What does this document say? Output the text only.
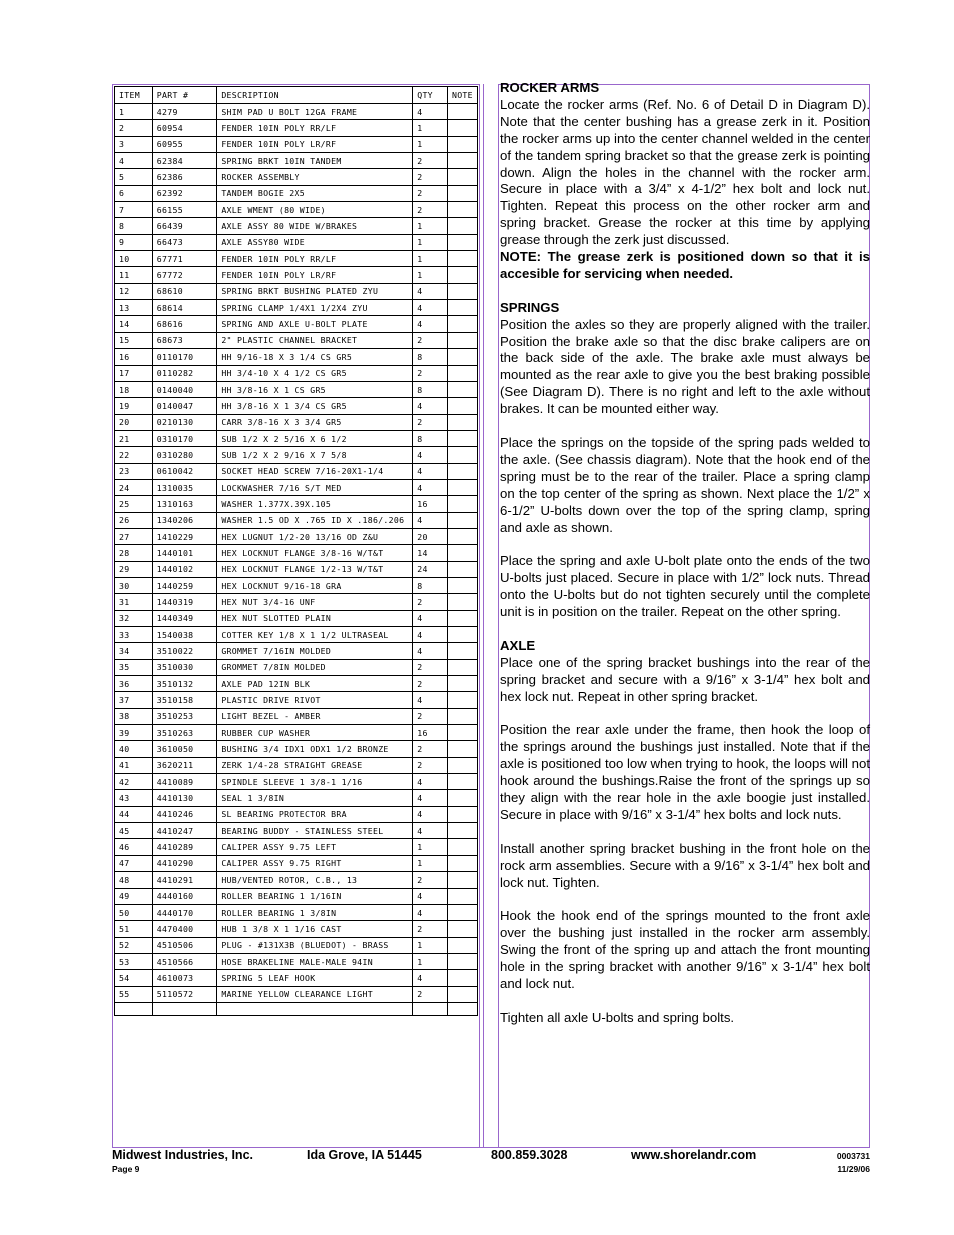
ITEM	PART #	DESCRIPTION	QTY	NOTE
1	4279	SHIM PAD U BOLT 12GA FRAME	4	
2	60954	FENDER 10IN POLY RR/LF	1	
3	60955	FENDER 10IN POLY LR/RF	1	
4	62384	SPRING BRKT 10IN TANDEM	2	
5	62386	ROCKER ASSEMBLY	2	
6	62392	TANDEM BOGIE 2X5	2	
7	66155	AXLE WMENT (80 WIDE)	2	
8	66439	AXLE ASSY 80 WIDE W/BRAKES	1	
9	66473	AXLE ASSY80 WIDE	1	
10	67771	FENDER 10IN POLY RR/LF	1	
11	67772	FENDER 10IN POLY LR/RF	1	
12	68610	SPRING BRKT BUSHING PLATED ZYU	4	
13	68614	SPRING CLAMP 1/4X1 1/2X4 ZYU	4	
14	68616	SPRING AND AXLE U-BOLT PLATE	4	
15	68673	2" PLASTIC CHANNEL BRACKET	2	
16	0110170	HH 9/16-18 X 3 1/4 CS GR5	8	
17	0110282	HH 3/4-10 X 4 1/2 CS GR5	2	
18	0140040	HH 3/8-16 X 1 CS GR5	8	
19	0140047	HH 3/8-16 X 1 3/4 CS GR5	4	
20	0210130	CARR 3/8-16 X 3 3/4 GR5	2	
21	0310170	SUB 1/2 X 2 5/16 X 6 1/2	8	
22	0310280	SUB 1/2 X 2 9/16 X 7 5/8	4	
23	0610042	SOCKET HEAD SCREW 7/16-20X1-1/4	4	
24	1310035	LOCKWASHER 7/16 S/T MED	4	
25	1310163	WASHER 1.377X.39X.105	16	
26	1340206	WASHER 1.5 OD X .765 ID X .186/.206	4	
27	1410229	HEX LUGNUT 1/2-20 13/16 OD Z&U	20	
28	1440101	HEX LOCKNUT FLANGE 3/8-16 W/T&T	14	
29	1440102	HEX LOCKNUT FLANGE 1/2-13 W/T&T	24	
30	1440259	HEX LOCKNUT 9/16-18 GRA	8	
31	1440319	HEX NUT 3/4-16 UNF	2	
32	1440349	HEX NUT SLOTTED PLAIN	4	
33	1540038	COTTER KEY 1/8 X 1 1/2 ULTRASEAL	4	
34	3510022	GROMMET 7/16IN MOLDED	4	
35	3510030	GROMMET 7/8IN MOLDED	2	
36	3510132	AXLE PAD 12IN BLK	2	
37	3510158	PLASTIC DRIVE RIVOT	4	
38	3510253	LIGHT BEZEL - AMBER	2	
39	3510263	RUBBER CUP WASHER	16	
40	3610050	BUSHING 3/4 IDX1 ODX1 1/2 BRONZE	2	
41	3620211	ZERK 1/4-28 STRAIGHT GREASE	2	
42	4410089	SPINDLE SLEEVE 1 3/8-1 1/16	4	
43	4410130	SEAL 1 3/8IN	4	
44	4410246	SL BEARING PROTECTOR BRA	4	
45	4410247	BEARING BUDDY - STAINLESS STEEL	4	
46	4410289	CALIPER ASSY 9.75 LEFT	1	
47	4410290	CALIPER ASSY 9.75 RIGHT	1	
48	4410291	HUB/VENTED ROTOR, C.B., 13	2	
49	4440160	ROLLER BEARING 1 1/16IN	4	
50	4440170	ROLLER BEARING 1 3/8IN	4	
51	4470400	HUB 1 3/8 X 1 1/16 CAST	2	
52	4510506	PLUG - #131X3B (BLUEDOT) - BRASS	1	
53	4510566	HOSE BRAKELINE MALE-MALE 94IN	1	
54	4610073	SPRING 5 LEAF HOOK	4	
55	5110572	MARINE YELLOW CLEARANCE LIGHT	2	

ROCKER ARMS

Locate the rocker arms (Ref. No. 6 of Detail D in Diagram D). Note that the center bushing has a grease zerk in it. Position the rocker arms up into the center channel welded in the center of the tandem spring bracket so that the grease zerk is pointing down. Align the holes in the channel with the rocker arm. Secure in place with a 3/4” x 4-1/2” hex bolt and lock nut. Tighten. Repeat this process on the other rocker arm and spring bracket. Grease the rocker at this time by applying grease through the zerk just discussed.

NOTE: The grease zerk is positioned down so that it is accesible for servicing when needed.

SPRINGS

Position the axles so they are properly aligned with the trailer. Position the brake axle so that the disc brake calipers are on the back side of the axle. The brake axle must always be mounted as the rear axle to give you the best braking possible (See Diagram D). There is no right and left to the axle without brakes. It can be mounted either way.

Place the springs on the topside of the spring pads welded to the axle. (See chassis diagram). Note that the hook end of the spring must be to the rear of the trailer. Place a spring clamp on the top center of the spring as shown. Next place the 1/2” x 6-1/2” U-bolts down over the top of the spring clamp, spring and axle as shown.

Place the spring and axle U-bolt plate onto the ends of the two U-bolts just placed. Secure in place with 1/2” lock nuts. Thread onto the U-bolts but do not tighten securely until the complete unit is in position on the trailer. Repeat on the other spring.

AXLE

Place one of the spring bracket bushings into the rear of the spring bracket and secure with a 9/16” x 3-1/4” hex bolt and hex lock nut. Repeat in other spring bracket.

Position the rear axle under the frame, then hook the loop of the springs around the bushings just installed. Note that if the axle is positioned too low when trying to hook, the loops will not hook around the bushings.Raise the front of the springs up so they align with the rear hole in the axle boogie just installed. Secure in place with 9/16” x 3-1/4” hex bolts and lock nuts.

Install another spring bracket bushing in the front hole on the rock arm assemblies. Secure with a 9/16” x 3-1/4” hex bolt and lock nut. Tighten.

Hook the hook end of the springs mounted to the front axle over the bushing just installed in the rocker arm assembly. Swing the front of the spring up and attach the front mounting hole in the spring bracket with another 9/16” x 3-1/4” hex bolt and lock nut.

Tighten all axle U-bolts and spring bolts.

Midwest Industries, Inc.	Ida Grove, IA 51445	800.859.3028	www.shorelandr.com
Page 9
0003731
11/29/06
